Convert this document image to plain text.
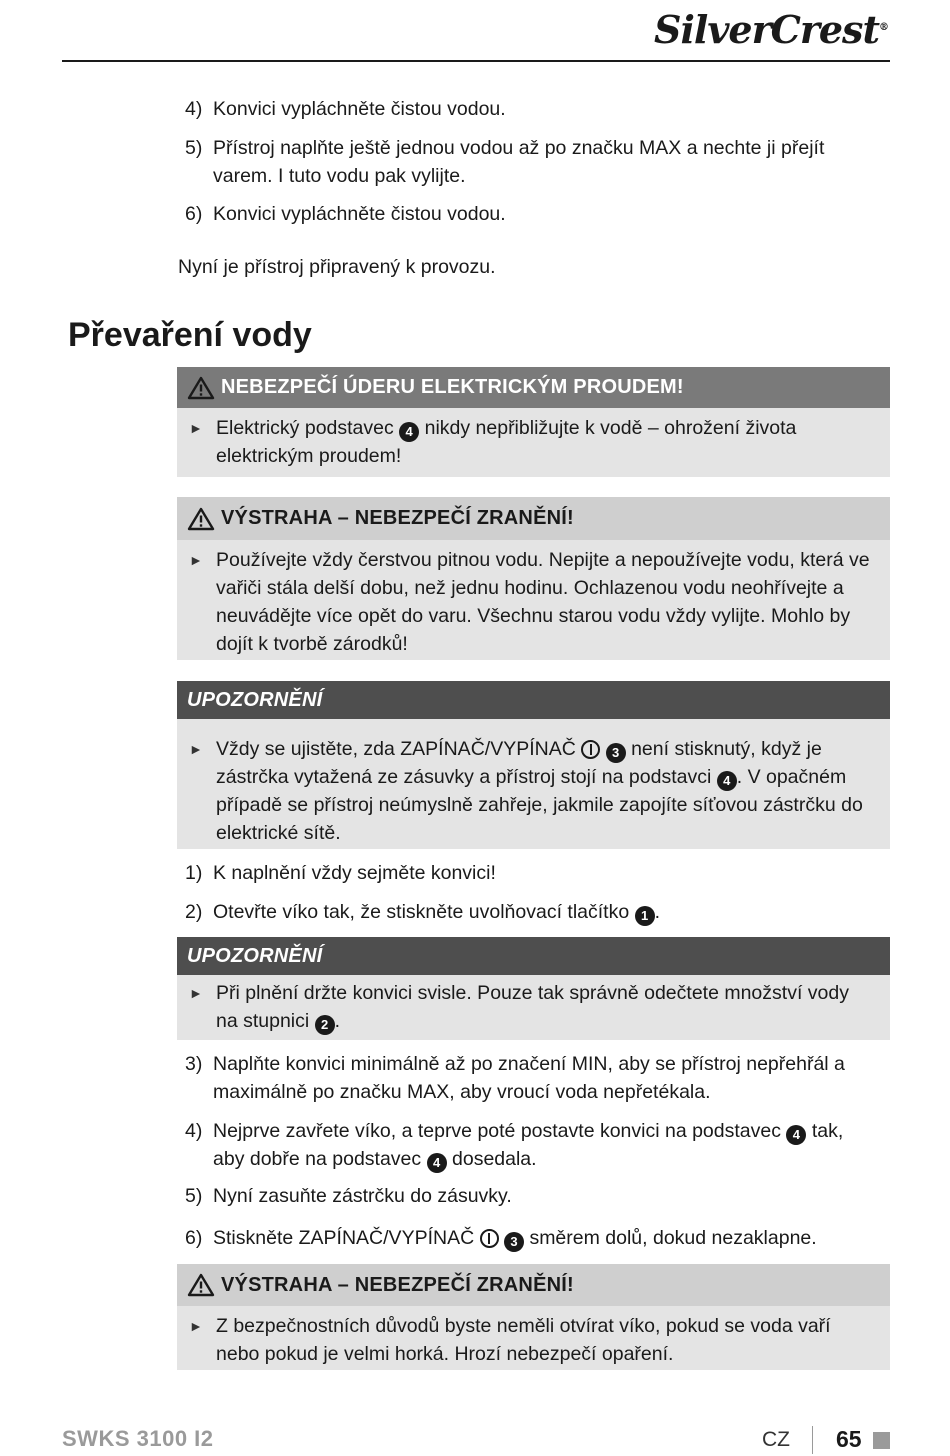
SilverCrest®
4) Konvici vypláchněte čistou vodou.
5) Přístroj naplňte ještě jednou vodou až po značku MAX a nechte ji přejít varem. I tuto vodu pak vylijte.
6) Konvici vypláchněte čistou vodou.
Nyní je přístroj připravený k provozu.
Převaření vody
NEBEZPEČÍ ÚDERU ELEKTRICKÝM PROUDEM!
► Elektrický podstavec 4 nikdy nepřibližujte k vodě – ohrožení života elektrickým proudem!
VÝSTRAHA – NEBEZPEČÍ ZRANĚNÍ!
► Používejte vždy čerstvou pitnou vodu. Nepijte a nepoužívejte vodu, která ve vařiči stála delší dobu, než jednu hodinu. Ochlazenou vodu neohřívejte a neuvádějte více opět do varu. Všechnu starou vodu vždy vylijte. Mohlo by dojít k tvorbě zárodků!
UPOZORNĚNÍ
► Vždy se ujistěte, zda ZAPÍNAČ/VYPÍNAČ	3 není stisknutý, když je zástrčka vytažená ze zásuvky a přístroj stojí na podstavci 4 . V opačném případě se přístroj neúmyslně zahřeje, jakmile zapojíte síťovou zástrčku do elektrické sítě.
1) K naplnění vždy sejměte konvici!
2) Otevřte víko tak, že stiskněte uvolňovací tlačítko 1 .
UPOZORNĚNÍ
► Při plnění držte konvici svisle. Pouze tak správně odečtete množství vody na stupnici 2 .
3) Naplňte konvici minimálně až po značení MIN, aby se přístroj nepřehřál a maximálně po značku MAX, aby vroucí voda nepřetékala.
4) Nejprve zavřete víko, a teprve poté postavte konvici na podstavec 4 tak, aby dobře na podstavec 4 dosedala.
5) Nyní zasuňte zástrčku do zásuvky.
6) Stiskněte ZAPÍNAČ/VYPÍNAČ	3 směrem dolů, dokud nezaklapne.
VÝSTRAHA – NEBEZPEČÍ ZRANĚNÍ!
► Z bezpečnostních důvodů byste neměli otvírat víko, pokud se voda vaří nebo pokud je velmi horká. Hrozí nebezpečí opaření.
SWKS 3100 I2	CZ 65
